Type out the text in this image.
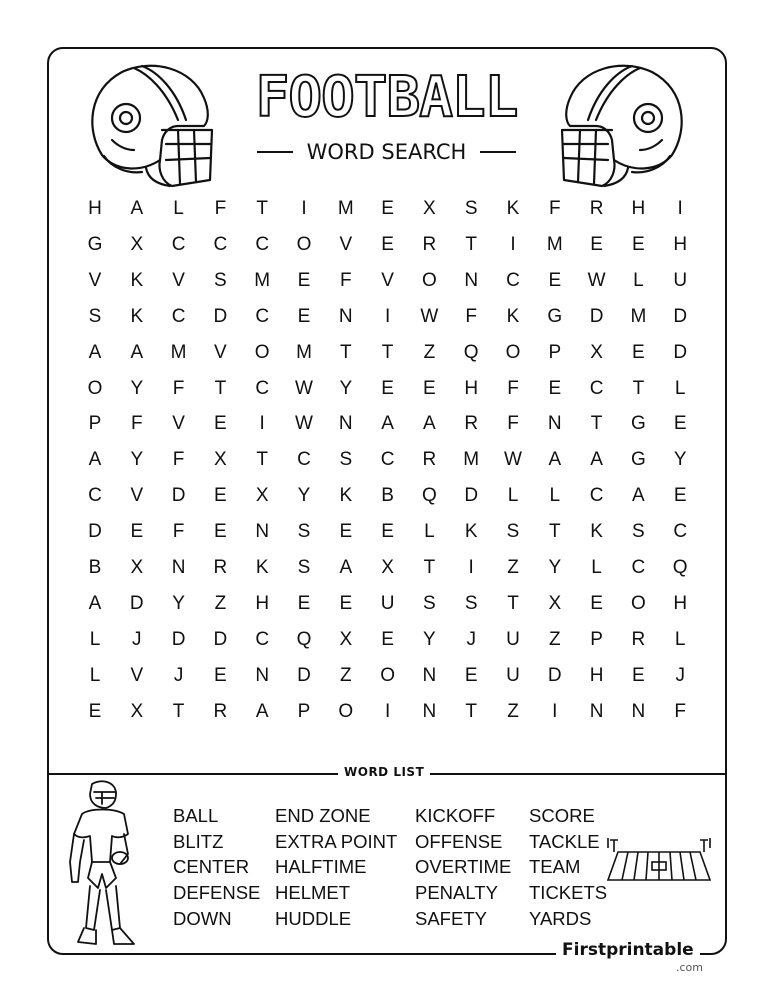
FOOTBALL
WORD SEARCH
H	A	L	F	T	I	M	E	X	S	K	F	R	H	I
G	X	C	C	C	O	V	E	R	T	I	M	E	E	H
V	K	V	S	M	E	F	V	O	N	C	E	W	L	U
S	K	C	D	C	E	N	I	W	F	K	G	D	M	D
A	A	M	V	O	M	T	T	Z	Q	O	P	X	E	D
O	Y	F	T	C	W	Y	E	E	H	F	E	C	T	L
P	F	V	E	I	W	N	A	A	R	F	N	T	G	E
A	Y	F	X	T	C	S	C	R	M	W	A	A	G	Y
C	V	D	E	X	Y	K	B	Q	D	L	L	C	A	E
D	E	F	E	N	S	E	E	L	K	S	T	K	S	C
B	X	N	R	K	S	A	X	T	I	Z	Y	L	C	Q
A	D	Y	Z	H	E	E	U	S	S	T	X	E	O	H
L	J	D	D	C	Q	X	E	Y	J	U	Z	P	R	L
L	V	J	E	N	D	Z	O	N	E	U	D	H	E	J
E	X	T	R	A	P	O	I	N	T	Z	I	N	N	F
WORD LIST
BALL
BLITZ
CENTER
DEFENSE
DOWN
END ZONE
EXTRA POINT
HALFTIME
HELMET
HUDDLE
KICKOFF
OFFENSE
OVERTIME
PENALTY
SAFETY
SCORE
TACKLE
TEAM
TICKETS
YARDS
Firstprintable
.com
